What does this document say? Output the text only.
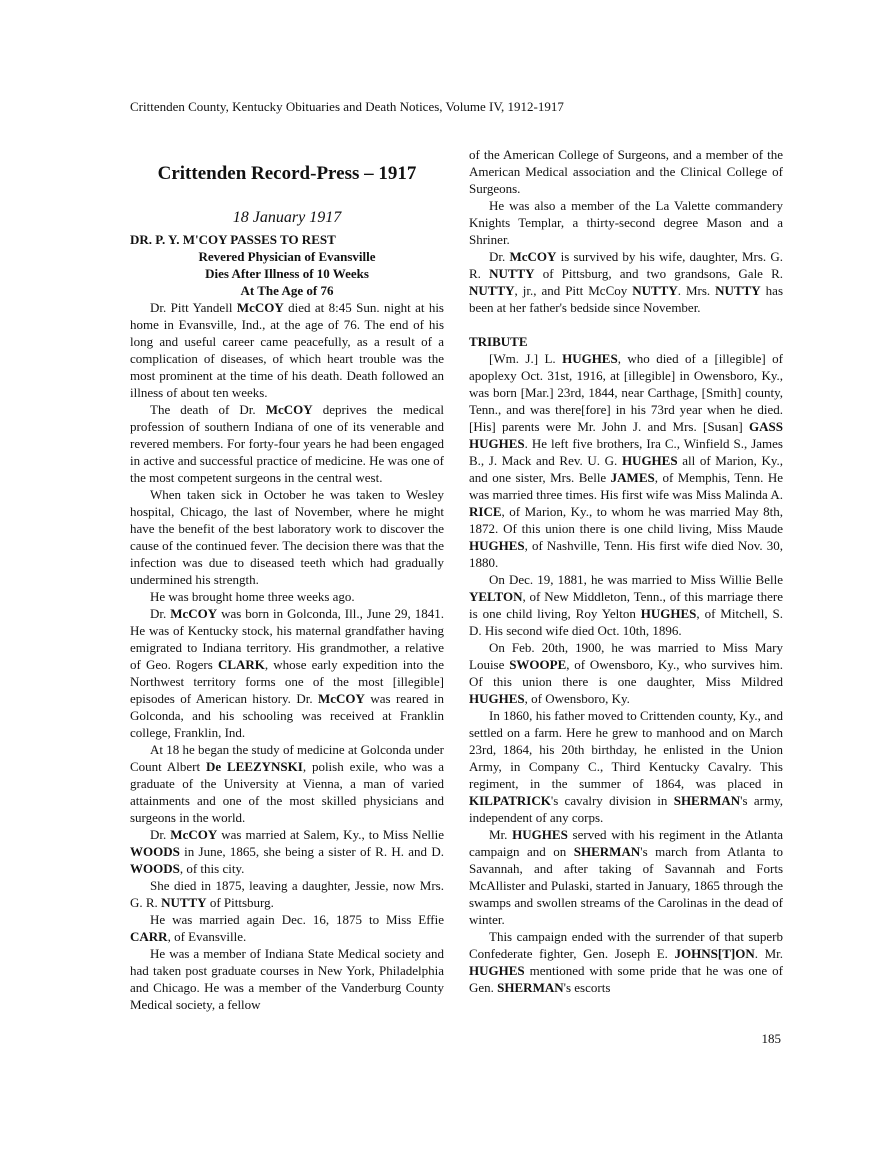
Crittenden County, Kentucky Obituaries and Death Notices, Volume IV, 1912-1917
Crittenden Record-Press – 1917
18 January 1917
DR. P. Y. M'COY PASSES TO REST
Revered Physician of Evansville
Dies After Illness of 10 Weeks
At The Age of 76

Dr. Pitt Yandell McCOY died at 8:45 Sun. night at his home in Evansville, Ind., at the age of 76. The end of his long and useful career came peacefully, as a result of a complication of diseases, of which heart trouble was the most prominent at the time of his death. Death followed an illness of about ten weeks.

The death of Dr. McCOY deprives the medical profession of southern Indiana of one of its venerable and revered members. For forty-four years he had been engaged in active and successful practice of medicine. He was one of the most competent surgeons in the central west.

When taken sick in October he was taken to Wesley hospital, Chicago, the last of November, where he might have the benefit of the best laboratory work to discover the cause of the continued fever. The decision there was that the infection was due to diseased teeth which had gradually undermined his strength.

He was brought home three weeks ago.

Dr. McCOY was born in Golconda, Ill., June 29, 1841. He was of Kentucky stock, his maternal grandfather having emigrated to Indiana territory. His grandmother, a relative of Geo. Rogers CLARK, whose early expedition into the Northwest territory forms one of the most [illegible] episodes of American history. Dr. McCOY was reared in Golconda, and his schooling was received at Franklin college, Franklin, Ind.

At 18 he began the study of medicine at Golconda under Count Albert De LEEZYNSKI, polish exile, who was a graduate of the University at Vienna, a man of varied attainments and one of the most skilled physicians and surgeons in the world.

Dr. McCOY was married at Salem, Ky., to Miss Nellie WOODS in June, 1865, she being a sister of R. H. and D. WOODS, of this city.

She died in 1875, leaving a daughter, Jessie, now Mrs. G. R. NUTTY of Pittsburg.

He was married again Dec. 16, 1875 to Miss Effie CARR, of Evansville.

He was a member of Indiana State Medical society and had taken post graduate courses in New York, Philadelphia and Chicago. He was a member of the Vanderburg County Medical society, a fellow

of the American College of Surgeons, and a member of the American Medical association and the Clinical College of Surgeons.

He was also a member of the La Valette commandery Knights Templar, a thirty-second degree Mason and a Shriner.

Dr. McCOY is survived by his wife, daughter, Mrs. G. R. NUTTY of Pittsburg, and two grandsons, Gale R. NUTTY, jr., and Pitt McCoy NUTTY. Mrs. NUTTY has been at her father's bedside since November.

TRIBUTE

[Wm. J.] L. HUGHES, who died of a [illegible] of apoplexy Oct. 31st, 1916, at [illegible] in Owensboro, Ky., was born [Mar.] 23rd, 1844, near Carthage, [Smith] county, Tenn., and was there[fore] in his 73rd year when he died. [His] parents were Mr. John J. and Mrs. [Susan] GASS HUGHES. He left five brothers, Ira C., Winfield S., James B., J. Mack and Rev. U. G. HUGHES all of Marion, Ky., and one sister, Mrs. Belle JAMES, of Memphis, Tenn. He was married three times. His first wife was Miss Malinda A. RICE, of Marion, Ky., to whom he was married May 8th, 1872. Of this union there is one child living, Miss Maude HUGHES, of Nashville, Tenn. His first wife died Nov. 30, 1880.

On Dec. 19, 1881, he was married to Miss Willie Belle YELTON, of New Middleton, Tenn., of this marriage there is one child living, Roy Yelton HUGHES, of Mitchell, S. D. His second wife died Oct. 10th, 1896.

On Feb. 20th, 1900, he was married to Miss Mary Louise SWOOPE, of Owensboro, Ky., who survives him. Of this union there is one daughter, Miss Mildred HUGHES, of Owensboro, Ky.

In 1860, his father moved to Crittenden county, Ky., and settled on a farm. Here he grew to manhood and on March 23rd, 1864, his 20th birthday, he enlisted in the Union Army, in Company C., Third Kentucky Cavalry. This regiment, in the summer of 1864, was placed in KILPATRICK's cavalry division in SHERMAN's army, independent of any corps.

Mr. HUGHES served with his regiment in the Atlanta campaign and on SHERMAN's march from Atlanta to Savannah, and after taking of Savannah and Forts McAllister and Pulaski, started in January, 1865 through the swamps and swollen streams of the Carolinas in the dead of winter.

This campaign ended with the surrender of that superb Confederate fighter, Gen. Joseph E. JOHNS[T]ON. Mr. HUGHES mentioned with some pride that he was one of Gen. SHERMAN's escorts

185
